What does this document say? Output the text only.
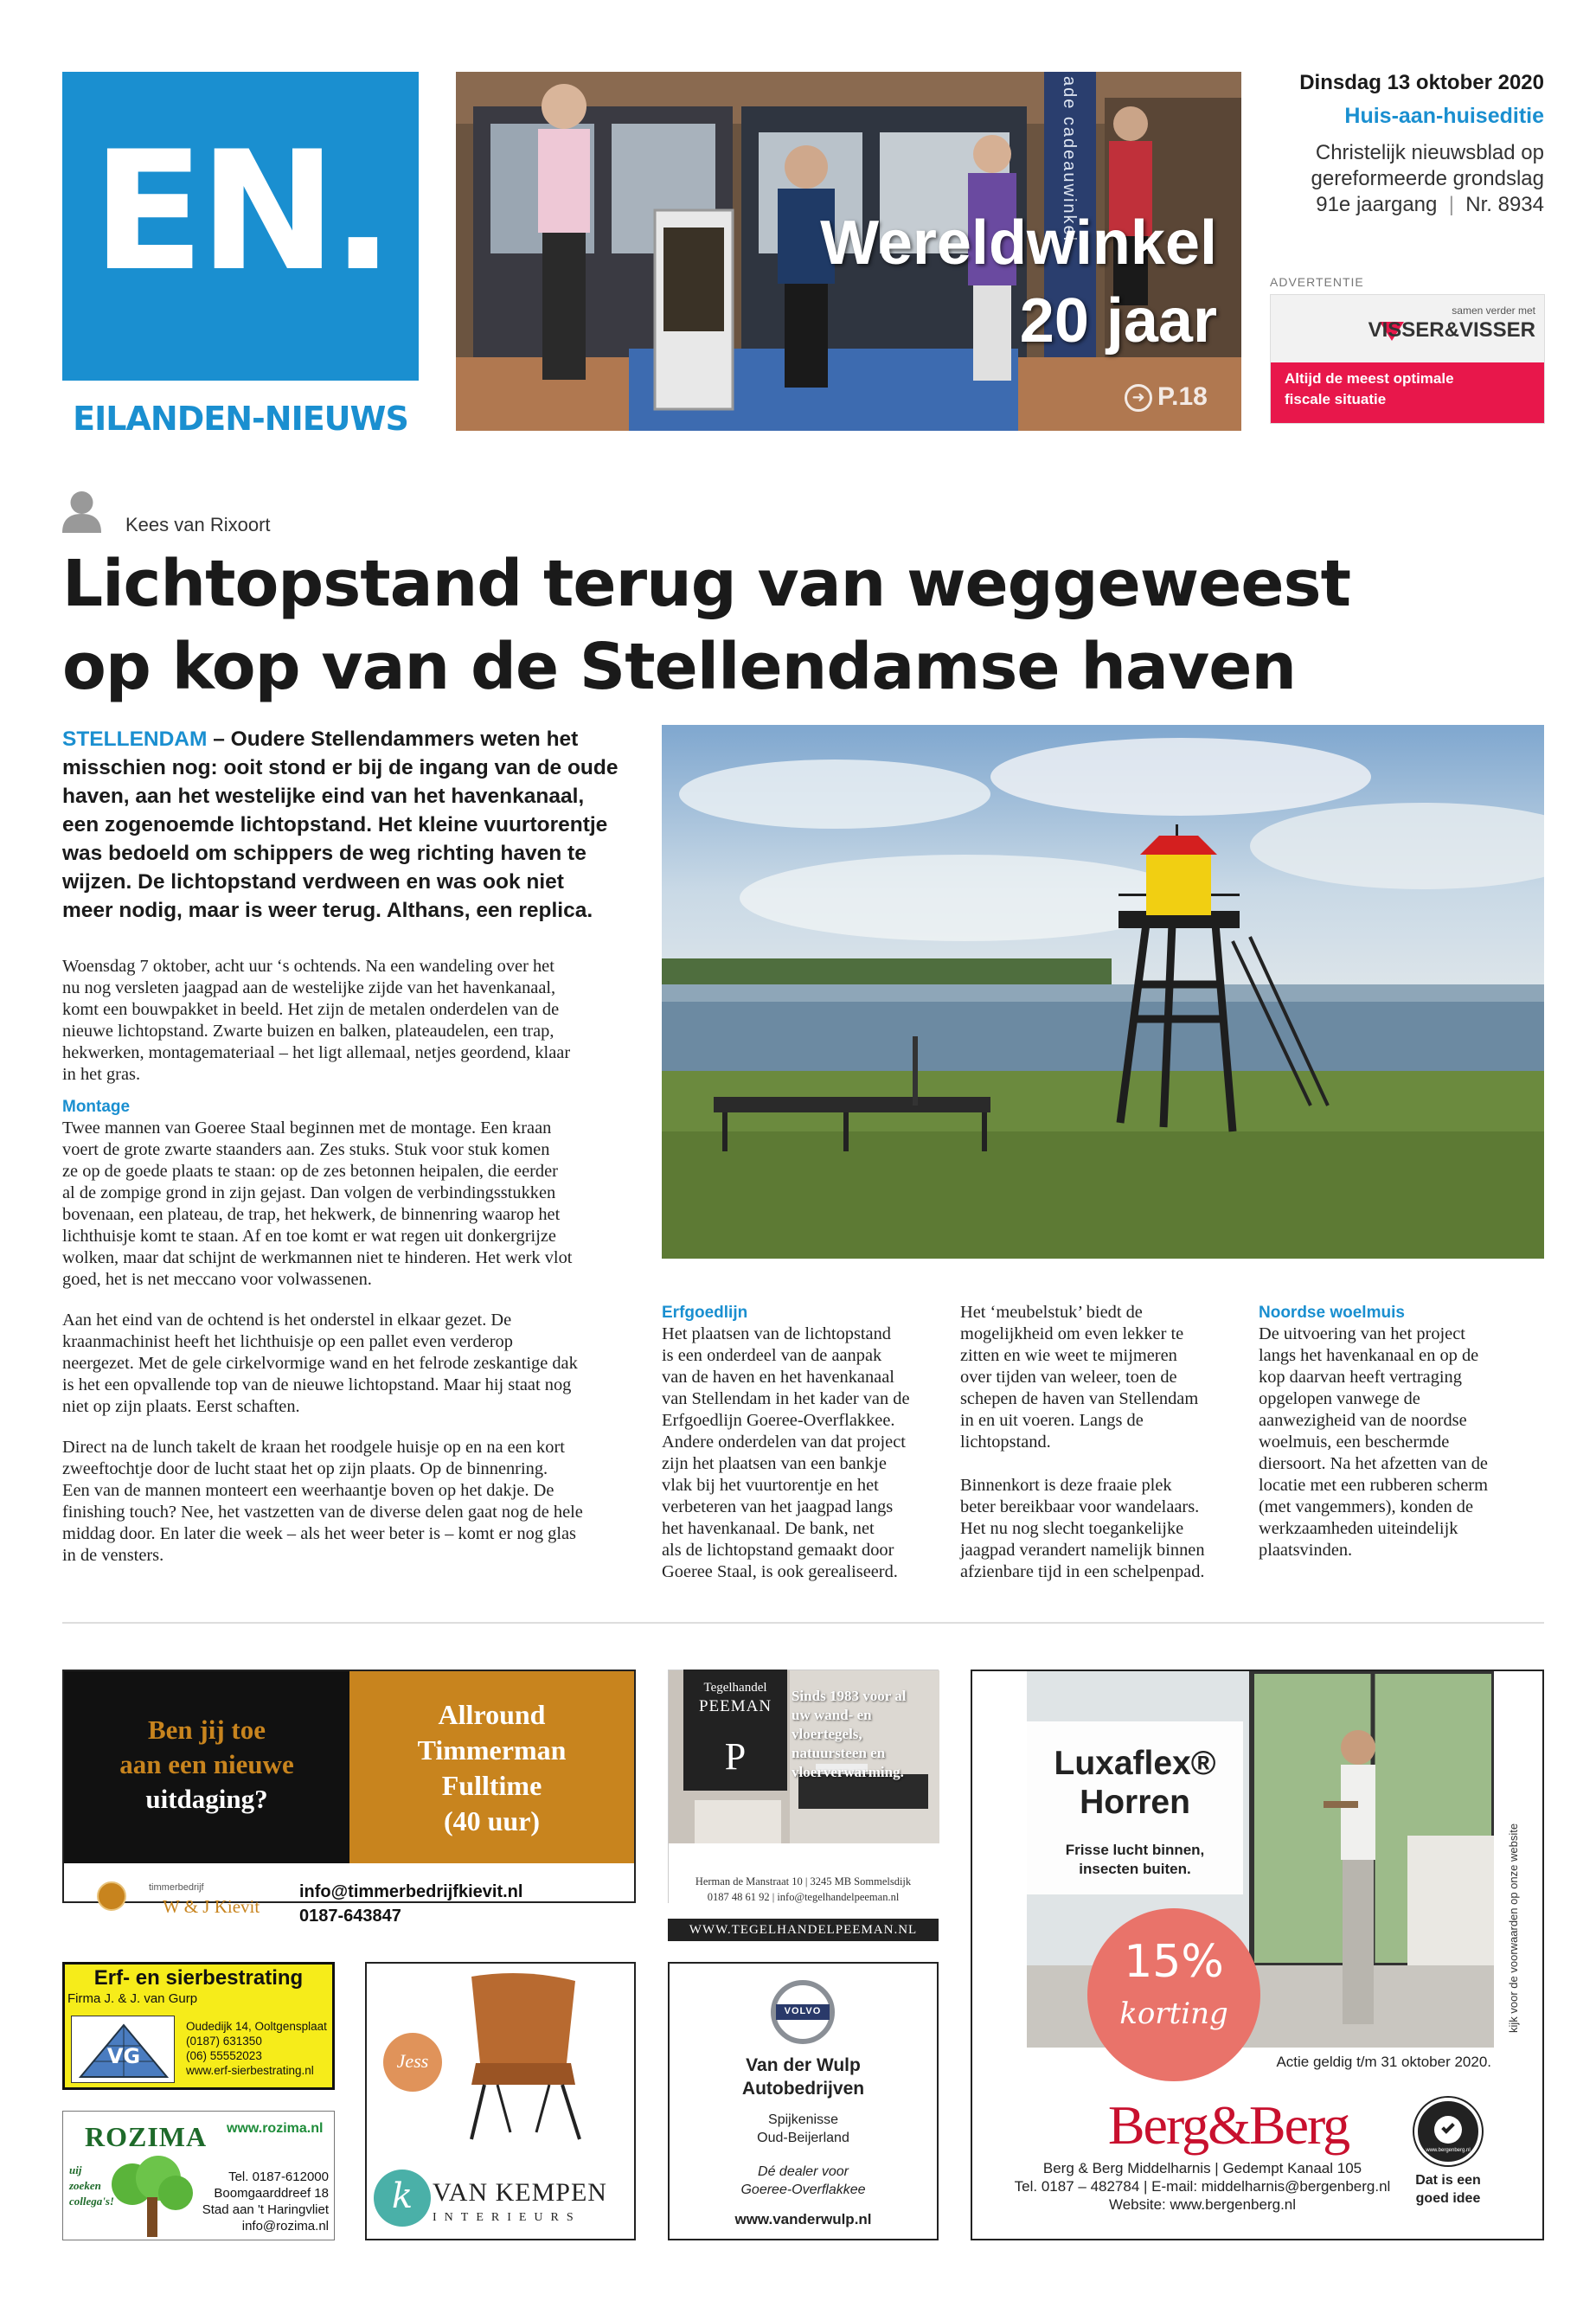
EN.
EILANDEN-NIEUWS
ade cadeauwinkel
Wereldwinkel
20 jaar
➜ P.18
Dinsdag 13 oktober 2020
Huis-aan-huiseditie
Christelijk nieuwsblad op
gereformeerde grondslag
91e jaargang  |  Nr. 8934
ADVERTENTIE
samen verder met
VISSER&VISSER
Altijd de meest optimale
fiscale situatie
Kees van Rixoort
Lichtopstand terug van weggeweest
op kop van de Stellendamse haven
STELLENDAM – Oudere Stellendammers weten het
misschien nog: ooit stond er bij de ingang van de oude
haven, aan het westelijke eind van het havenkanaal,
een zogenoemde lichtopstand. Het kleine vuurtorentje
was bedoeld om schippers de weg richting haven te
wijzen. De lichtopstand verdween en was ook niet
meer nodig, maar is weer terug. Althans, een replica.
Woensdag 7 oktober, acht uur ‘s ochtends. Na een wandeling over het
nu nog versleten jaagpad aan de westelijke zijde van het havenkanaal,
komt een bouwpakket in beeld. Het zijn de metalen onderdelen van de
nieuwe lichtopstand. Zwarte buizen en balken, plateaudelen, een trap,
hekwerken, montagemateriaal – het ligt allemaal, netjes geordend, klaar
in het gras.
Montage
Twee mannen van Goeree Staal beginnen met de montage. Een kraan
voert de grote zwarte staanders aan. Zes stuks. Stuk voor stuk komen
ze op de goede plaats te staan: op de zes betonnen heipalen, die eerder
al de zompige grond in zijn gejast. Dan volgen de verbindingsstukken
bovenaan, een plateau, de trap, het hekwerk, de binnenring waarop het
lichthuisje komt te staan. Af en toe komt er wat regen uit donkergrijze
wolken, maar dat schijnt de werkmannen niet te hinderen. Het werk vlot
goed, het is net meccano voor volwassenen.
Aan het eind van de ochtend is het onderstel in elkaar gezet. De
kraanmachinist heeft het lichthuisje op een pallet even verderop
neergezet. Met de gele cirkelvormige wand en het felrode zeskantige dak
is het een opvallende top van de nieuwe lichtopstand. Maar hij staat nog
niet op zijn plaats. Eerst schaften.
Direct na de lunch takelt de kraan het roodgele huisje op en na een kort
zweeftochtje door de lucht staat het op zijn plaats. Op de binnenring.
Een van de mannen monteert een weerhaantje boven op het dakje. De
finishing touch? Nee, het vastzetten van de diverse delen gaat nog de hele
middag door. En later die week – als het weer beter is – komt er nog glas
in de vensters.
Erfgoedlijn
Het plaatsen van de lichtopstand
is een onderdeel van de aanpak
van de haven en het havenkanaal
van Stellendam in het kader van de
Erfgoedlijn Goeree-Overflakkee.
Andere onderdelen van dat project
zijn het plaatsen van een bankje
vlak bij het vuurtorentje en het
verbeteren van het jaagpad langs
het havenkanaal. De bank, net
als de lichtopstand gemaakt door
Goeree Staal, is ook gerealiseerd.
Het ‘meubelstuk’ biedt de
mogelijkheid om even lekker te
zitten en wie weet te mijmeren
over tijden van weleer, toen de
schepen de haven van Stellendam
in en uit voeren. Langs de
lichtopstand.
Binnenkort is deze fraaie plek
beter bereikbaar voor wandelaars.
Het nu nog slecht toegankelijke
jaagpad verandert namelijk binnen
afzienbare tijd in een schelpenpad.
Noordse woelmuis
De uitvoering van het project
langs het havenkanaal en op de
kop daarvan heeft vertraging
opgelopen vanwege de
aanwezigheid van de noordse
woelmuis, een beschermde
diersoort. Na het afzetten van de
locatie met een rubberen scherm
(met vangemmers), konden de
werkzaamheden uiteindelijk
plaatsvinden.
Ben jij toe
aan een nieuwe
uitdaging?
Allround
Timmerman
Fulltime
(40 uur)
timmerbedrijf
W & J Kievit
info@timmerbedrijfkievit.nl
0187-643847
Tegelhandel
PEEMAN
P
Sinds 1983 voor al
uw wand- en
vloertegels,
natuursteen en
vloerverwarming.
Herman de Manstraat 10 | 3245 MB Sommelsdijk
0187 48 61 92 | info@tegelhandelpeeman.nl
WWW.TEGELHANDELPEEMAN.NL
Luxaflex®
Horren
Frisse lucht binnen,
insecten buiten.
15%
korting
Actie geldig t/m 31 oktober 2020.
kijk voor de voorwaarden op onze website
Berg&Berg
Berg & Berg Middelharnis | Gedempt Kanaal 105
Tel. 0187 – 482784 | E-mail: middelharnis@bergenberg.nl
Website: www.bergenberg.nl
www.bergenberg.nl
Dat is een goed idee
Erf- en sierbestrating
Firma J. & J. van Gurp
VG
Oudedijk 14, Ooltgensplaat
(0187) 631350
(06) 55552023
www.erf-sierbestrating.nl
ROZIMA www.rozima.nl
uij
zoeken
collega's!
Tel. 0187-612000
Boomgaarddreef 18
Stad aan 't Haringvliet
info@rozima.nl
Jess
k VAN KEMPEN
INTERIEURS
VOLVO
Van der Wulp
Autobedrijven
Spijkenisse
Oud-Beijerland
Dé dealer voor
Goeree-Overflakkee
www.vanderwulp.nl
